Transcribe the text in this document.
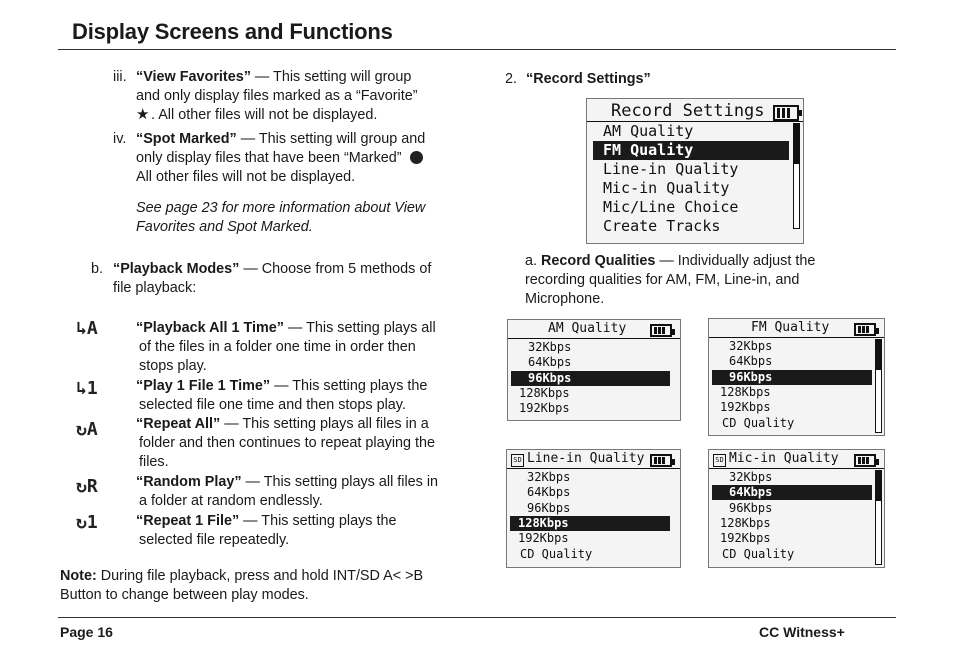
Display Screens and Functions
iii. “View Favorites” — This setting will group
and only display files marked as a “Favorite”
★ . All other files will not be displayed.
iv. “Spot Marked” — This setting will group and
only display files that have been “Marked”
All other files will not be displayed.
See page 23 for more information about View
Favorites and Spot Marked.
b. “Playback Modes” — Choose from 5 methods of
file playback:
↳A	“Playback All 1 Time” — This setting plays all
of the files in a folder one time in order then
stops play.
↳1	“Play 1 File 1 Time” — This setting plays the
selected file one time and then stops play.
↻A	“Repeat All” — This setting plays all files in a
folder and then continues to repeat playing the
files.
↻R	“Random Play” — This setting plays all files in
a folder at random endlessly.
↻1	“Repeat 1 File” — This setting plays the
selected file repeatedly.
Note: During file playback, press and hold INT/SD A< >B
Button to change between play modes.
2. “Record Settings”
Record Settings
AM Quality
FM Quality
Line-in Quality
Mic-in Quality
Mic/Line Choice
Create Tracks
a. Record Qualities — Individually adjust the
recording qualities for AM, FM, Line-in, and
Microphone.
AM Quality
32Kbps
64Kbps
96Kbps
128Kbps
192Kbps
FM Quality
32Kbps
64Kbps
96Kbps
128Kbps
192Kbps
CD Quality
SD Line-in Quality
32Kbps
64Kbps
96Kbps
128Kbps
192Kbps
CD Quality
SD Mic-in Quality
32Kbps
64Kbps
96Kbps
128Kbps
192Kbps
CD Quality
Page 16	CC Witness+
